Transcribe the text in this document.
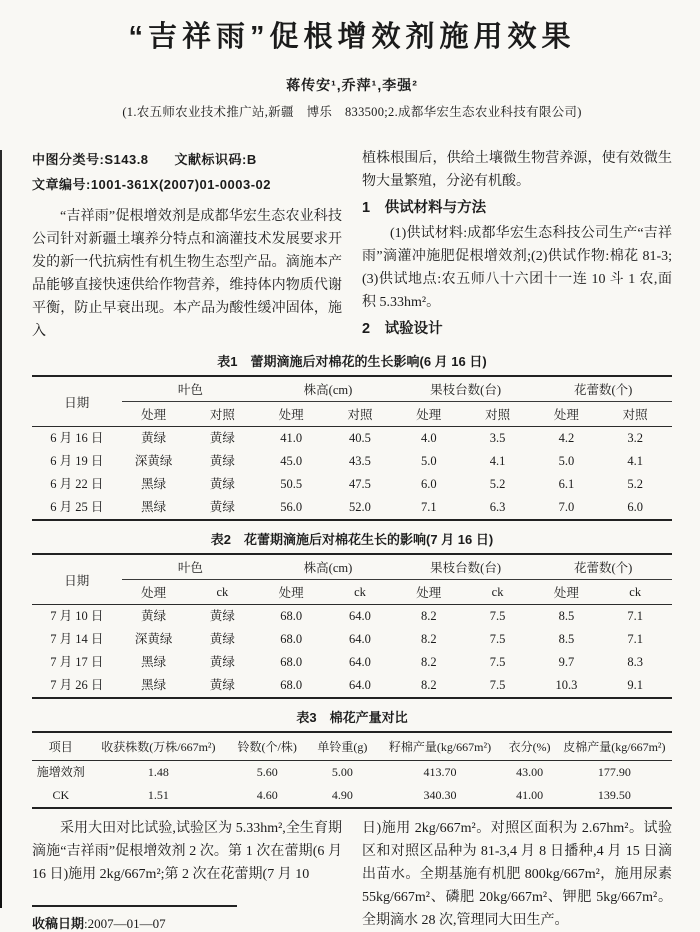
“吉祥雨”促根增效剂施用效果
蒋传安¹,乔萍¹,李强²
(1.农五师农业技术推广站,新疆　博乐　833500;2.成都华宏生态农业科技有限公司)
中图分类号:S143.8 文献标识码:B
文章编号:1001-361X(2007)01-0003-02

“吉祥雨”促根增效剂是成都华宏生态农业科技公司针对新疆土壤养分特点和滴灌技术发展要求开发的新一代抗病性有机生物生态型产品。滴施本产品能够直接快速供给作物营养，维持体内物质代谢平衡，防止早衰出现。本产品为酸性缓冲固体，施入

植株根围后，供给土壤微生物营养源，使有效微生物大量繁殖，分泌有机酸。

1　供试材料与方法

(1)供试材料:成都华宏生态科技公司生产“吉祥雨”滴灌冲施肥促根增效剂;(2)供试作物:棉花 81-3;(3)供试地点:农五师八十六团十一连 10 斗 1 农,面积 5.33hm²。

2　试验设计
表1　蕾期滴施后对棉花的生长影响(6 月 16 日)
日期	叶色		株高(cm)		果枝台数(台)		花蕾数(个)	
	处理	对照	处理	对照	处理	对照	处理	对照
6 月 16 日	黄绿	黄绿	41.0	40.5	4.0	3.5	4.2	3.2
6 月 19 日	深黄绿	黄绿	45.0	43.5	5.0	4.1	5.0	4.1
6 月 22 日	黑绿	黄绿	50.5	47.5	6.0	5.2	6.1	5.2
6 月 25 日	黑绿	黄绿	56.0	52.0	7.1	6.3	7.0	6.0
表2　花蕾期滴施后对棉花生长的影响(7 月 16 日)
日期	叶色		株高(cm)		果枝台数(台)		花蕾数(个)	
	处理	ck	处理	ck	处理	ck	处理	ck
7 月 10 日	黄绿	黄绿	68.0	64.0	8.2	7.5	8.5	7.1
7 月 14 日	深黄绿	黄绿	68.0	64.0	8.2	7.5	8.5	7.1
7 月 17 日	黑绿	黄绿	68.0	64.0	8.2	7.5	9.7	8.3
7 月 26 日	黑绿	黄绿	68.0	64.0	8.2	7.5	10.3	9.1
表3　棉花产量对比
项目	收获株数(万株/667m²)	铃数(个/株)	单铃重(g)	籽棉产量(kg/667m²)	衣分(%)	皮棉产量(kg/667m²)
施增效剂	1.48	5.60	5.00	413.70	43.00	177.90
CK	1.51	4.60	4.90	340.30	41.00	139.50

采用大田对比试验,试验区为 5.33hm²,全生育期滴施“吉祥雨”促根增效剂 2 次。第 1 次在蕾期(6 月 16 日)施用 2kg/667m²;第 2 次在花蕾期(7 月 10

收稿日期:2007—01—07

日)施用 2kg/667m²。对照区面积为 2.67hm²。试验区和对照区品种为 81-3,4 月 8 日播种,4 月 15 日滴出苗水。全期基施有机肥 800kg/667m²，施用尿素 55kg/667m²、磷肥 20kg/667m²、钾肥 5kg/667m²。全期滴水 28 次,管理同大田生产。
